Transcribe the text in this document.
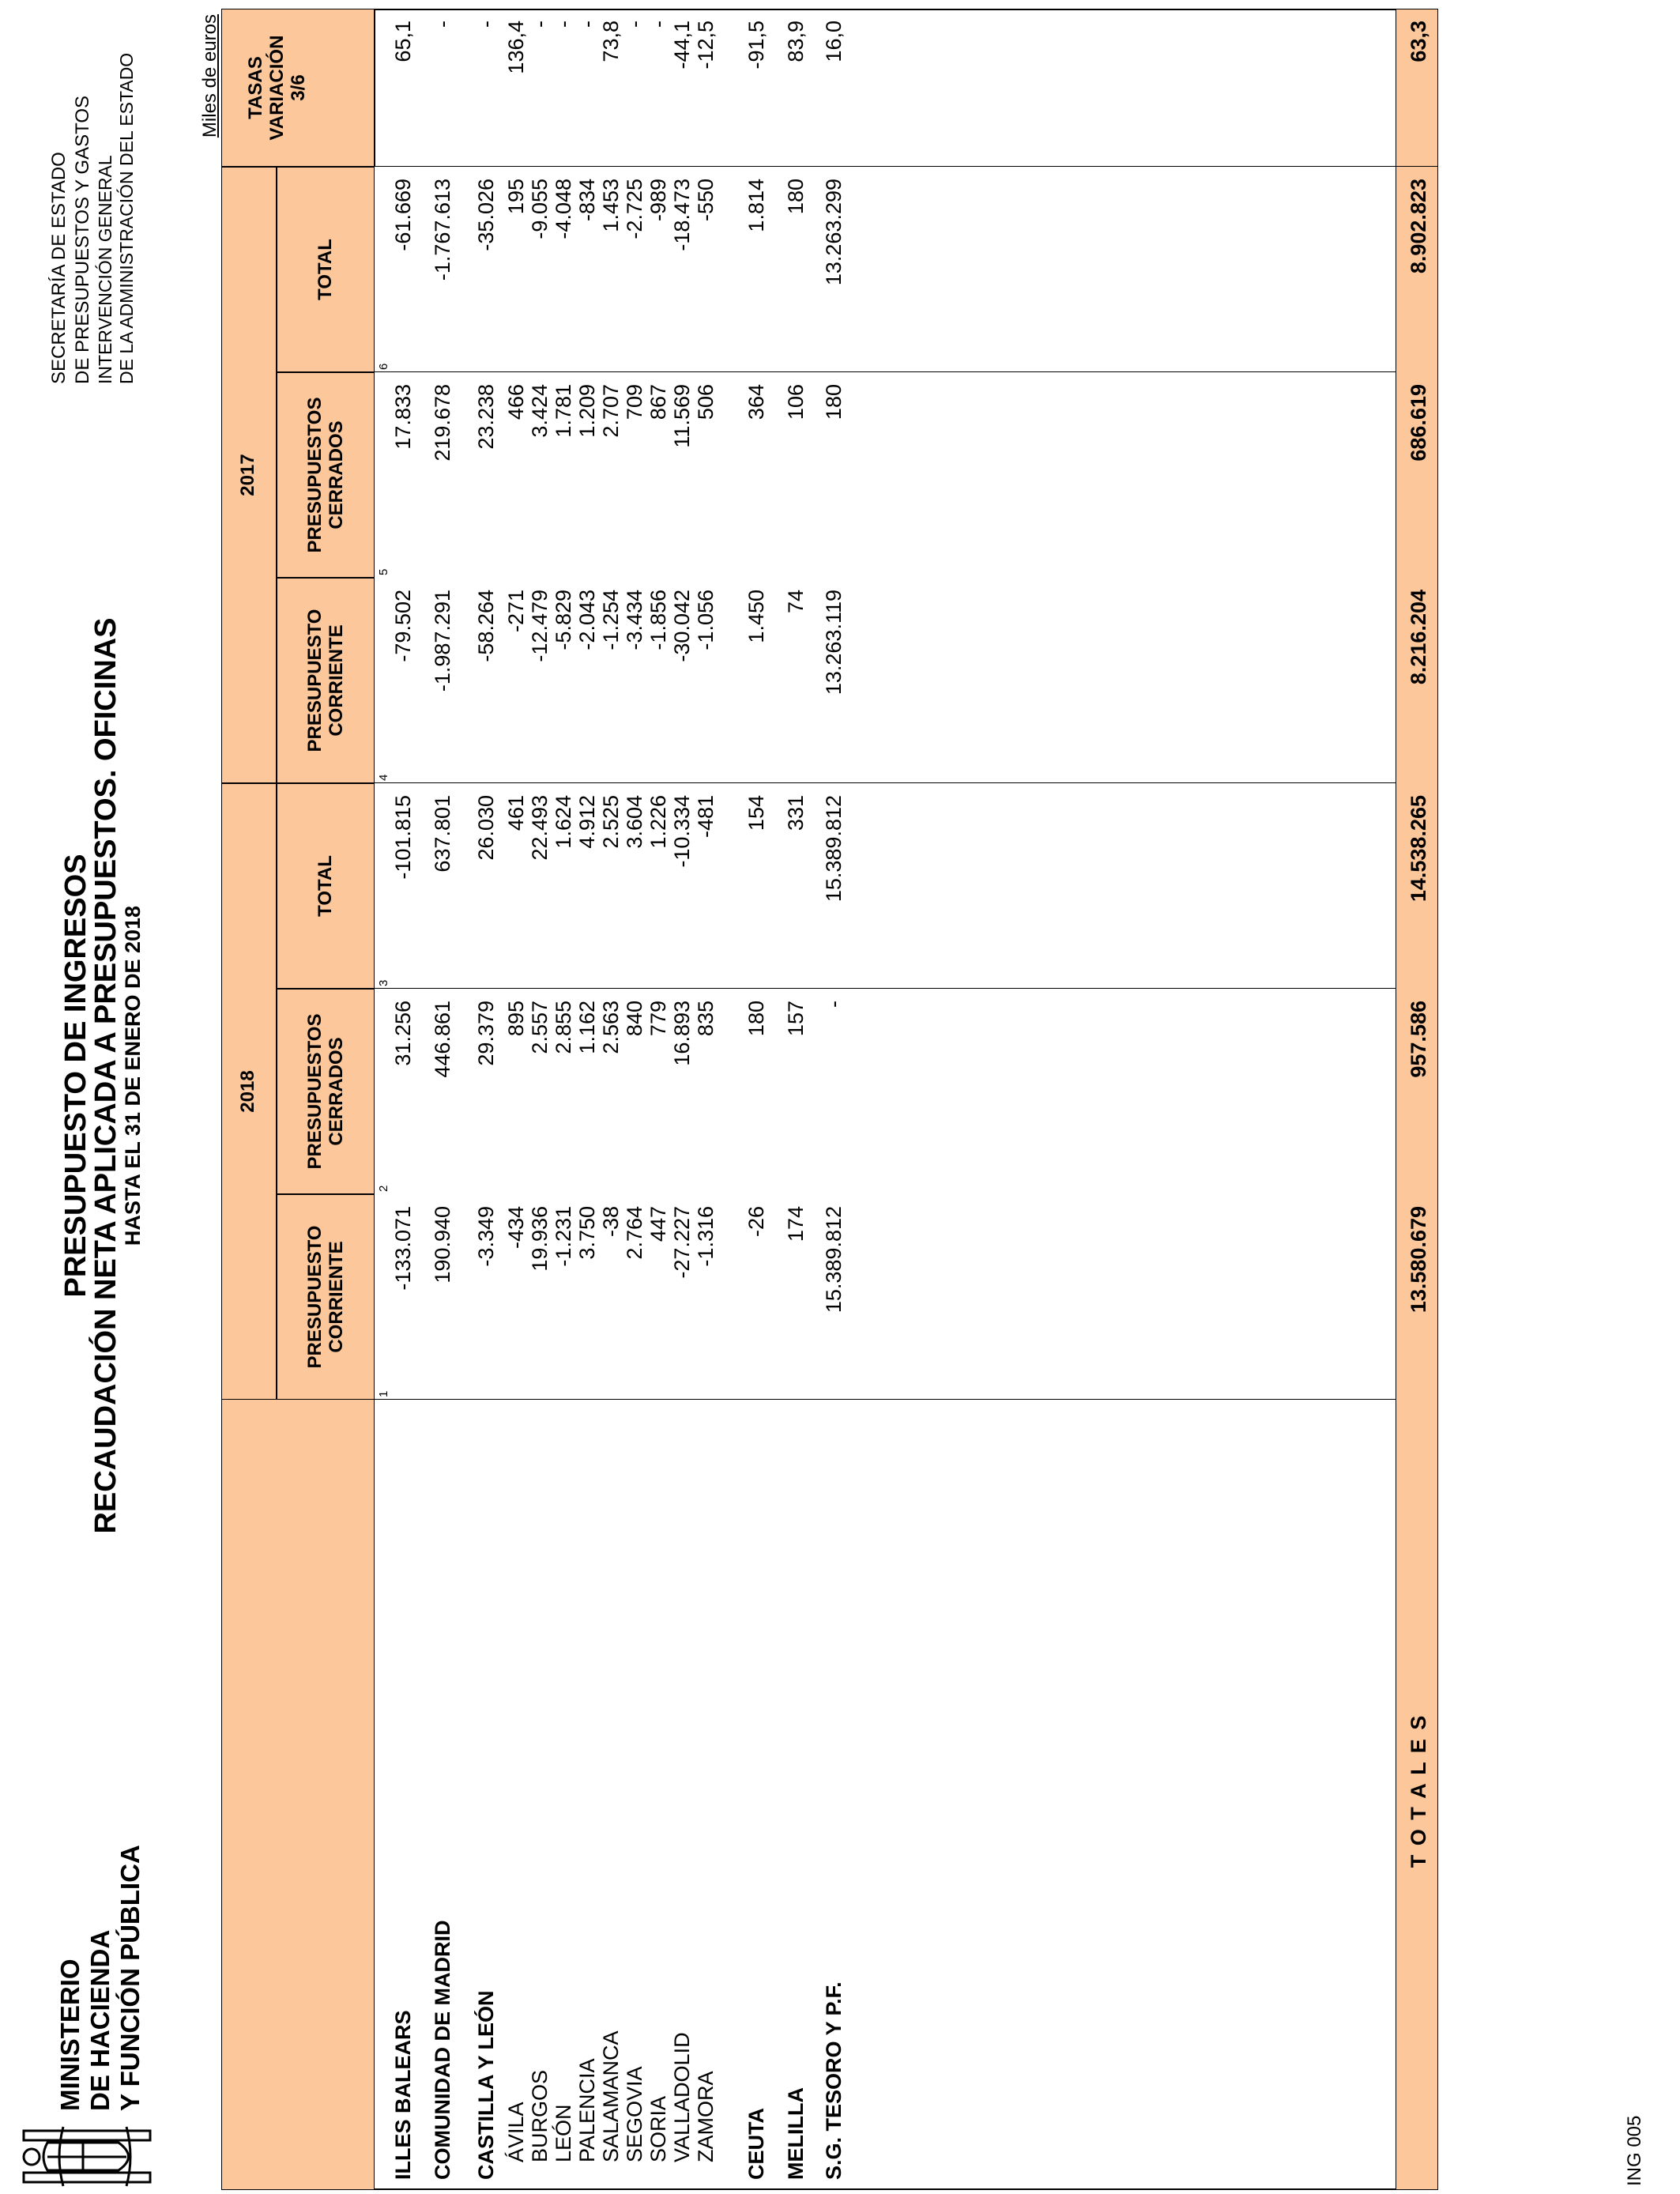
MINISTERIO
DE HACIENDA
Y FUNCIÓN PÚBLICA
PRESUPUESTO DE INGRESOS
RECAUDACIÓN NETA APLICADA A PRESUPUESTOS. OFICINAS
HASTA EL 31 DE ENERO DE 2018
SECRETARÍA DE ESTADO
DE PRESUPUESTOS Y GASTOS
INTERVENCIÓN GENERAL
DE LA ADMINISTRACIÓN DEL ESTADO	Miles de euros
2018
2017
PRESUPUESTO CORRIENTE
PRESUPUESTOS CERRADOS
TOTAL
PRESUPUESTO CORRIENTE
PRESUPUESTOS CERRADOS
TOTAL
TASAS VARIACIÓN 3/6
1
2
3
4
5
6
ILLES BALEARS
-133.071
31.256
-101.815
-79.502
17.833
-61.669
65,1
COMUNIDAD DE MADRID
190.940
446.861
637.801
-1.987.291
219.678
-1.767.613
-
CASTILLA Y LEÓN
-3.349
29.379
26.030
-58.264
23.238
-35.026
-
ÁVILA
-434
895
461
-271
466
195
136,4
BURGOS
19.936
2.557
22.493
-12.479
3.424
-9.055
-
LEÓN
-1.231
2.855
1.624
-5.829
1.781
-4.048
-
PALENCIA
3.750
1.162
4.912
-2.043
1.209
-834
-
SALAMANCA
-38
2.563
2.525
-1.254
2.707
1.453
73,8
SEGOVIA
2.764
840
3.604
-3.434
709
-2.725
-
SORIA
447
779
1.226
-1.856
867
-989
-
VALLADOLID
-27.227
16.893
-10.334
-30.042
11.569
-18.473
-44,1
ZAMORA
-1.316
835
-481
-1.056
506
-550
-12,5
CEUTA
-26
180
154
1.450
364
1.814
-91,5
MELILLA
174
157
331
74
106
180
83,9
S.G. TESORO Y P.F.
15.389.812
-
15.389.812
13.263.119
180
13.263.299
16,0
T O T A L E S
13.580.679
957.586
14.538.265
8.216.204
686.619
8.902.823
63,3
ING 005
